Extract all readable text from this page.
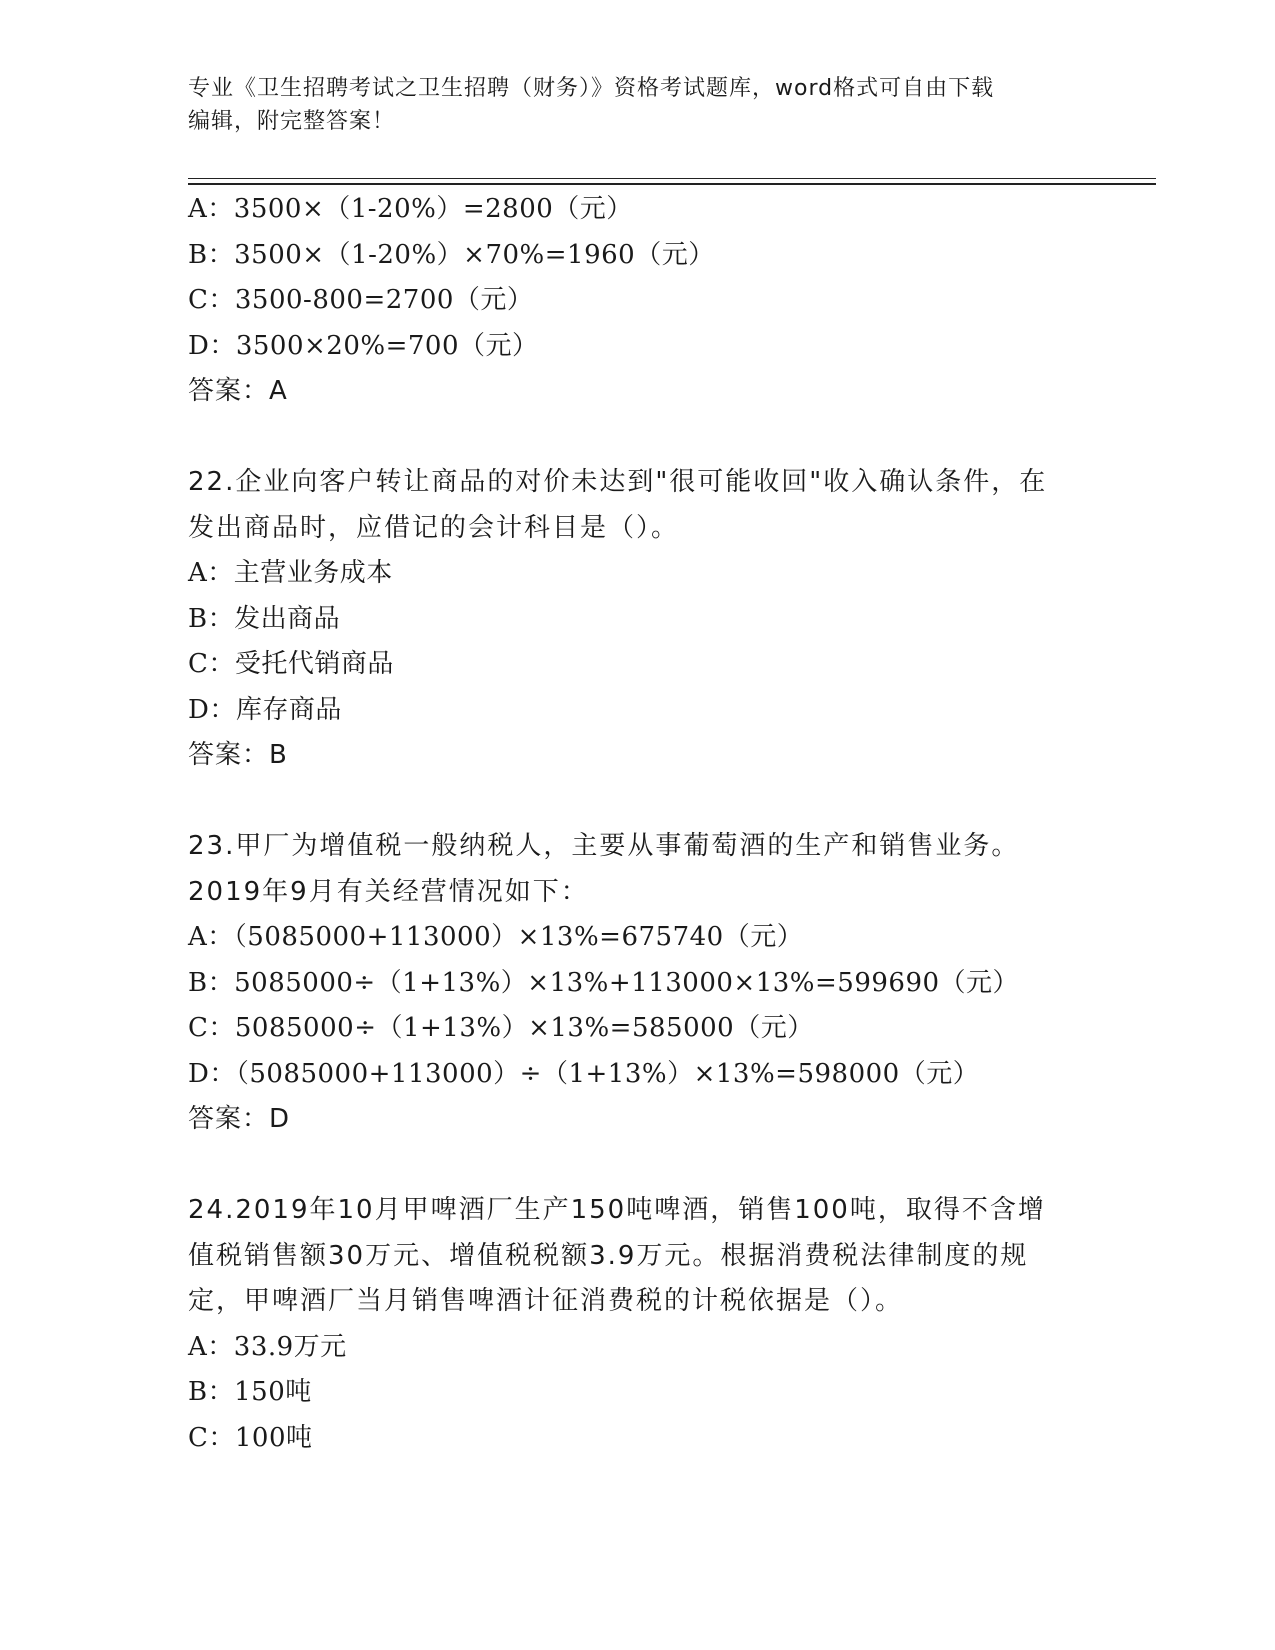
专业《卫生招聘考试之卫生招聘（财务）》资格考试题库，word格式可自由下载
编辑，附完整答案！
A：3500×（1-20%）=2800（元）
B：3500×（1-20%）×70%=1960（元）
C：3500-800=2700（元）
D：3500×20%=700（元）
答案：A
22.企业向客户转让商品的对价未达到"很可能收回"收入确认条件，在
发出商品时，应借记的会计科目是（）。
A：主营业务成本
B：发出商品
C：受托代销商品
D：库存商品
答案：B
23.甲厂为增值税一般纳税人，主要从事葡萄酒的生产和销售业务。
2019年9月有关经营情况如下：
A：（5085000+113000）×13%=675740（元）
B：5085000÷（1+13%）×13%+113000×13%=599690（元）
C：5085000÷（1+13%）×13%=585000（元）
D：（5085000+113000）÷（1+13%）×13%=598000（元）
答案：D
24.2019年10月甲啤酒厂生产150吨啤酒，销售100吨，取得不含增
值税销售额30万元、增值税税额3.9万元。根据消费税法律制度的规
定，甲啤酒厂当月销售啤酒计征消费税的计税依据是（）。
A：33.9万元
B：150吨
C：100吨
